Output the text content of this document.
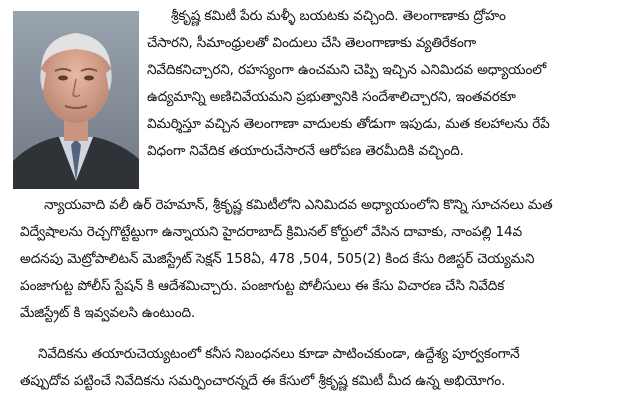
శ్రీకృష్ణ కమిటీ పేరు మళ్ళీ బయటకు వచ్చింది. తెలంగాణాకు ద్రోహం
చేసారని, సీమాంధ్రులతో విందులు చేసి తెలంగాణాకు వ్యతిరేకంగా
నివేదికనిచ్చారని, రహస్యంగా ఉంచమని చెప్పి ఇచ్చిన ఎనిమిదవ అధ్యాయంలో
ఉద్యమాన్ని అణిచివేయమని ప్రభుత్వానికి సందేశాలిచ్చారని, ఇంతవరకూ
విమర్శిస్తూ వచ్చిన తెలంగాణా వాదులకు తోడుగా ఇపుడు, మత కలహాలను రేపే
విధంగా నివేదిక తయారుచేసారనే ఆరోపణ తెరమీదికి వచ్చింది.

న్యాయవాది వలీ ఉర్ రెహమాన్, శ్రీకృష్ణ కమిటీలోని ఎనిమిదవ అధ్యాయంలోని కొన్ని సూచనలు మత
విద్వేషాలను రెచ్చగొట్టేట్టుగా ఉన్నాయని హైదరాబాద్ క్రిమినల్ కోర్టులో వేసిన దావాకు, నాంపల్లి 14వ
అదనపు మెట్రోపాలిటన్ మెజిస్ట్రేట్ సెక్షన్ 158ఏ, 478 ,504, 505(2) కింద కేసు రిజిస్టర్ చెయ్యమని
పంజాగుట్ట పోలీస్ స్టేషన్ కి ఆదేశమిచ్చారు. పంజాగుట్ట పోలీసులు ఈ కేసు విచారణ చేసి నివేదిక
మేజిస్ట్రేట్ కి ఇవ్వవలసి ఉంటుంది.

నివేదికను తయారుచెయ్యటంలో కనీస నిబంధనలు కూడా పాటించకుండా, ఉద్దేశ్య పూర్వకంగానే
తప్పుదోవ పట్టించే నివేదికను సమర్పించారన్నదే ఈ కేసులో శ్రీకృష్ణ కమిటీ మీద ఉన్న అభియోగం.
